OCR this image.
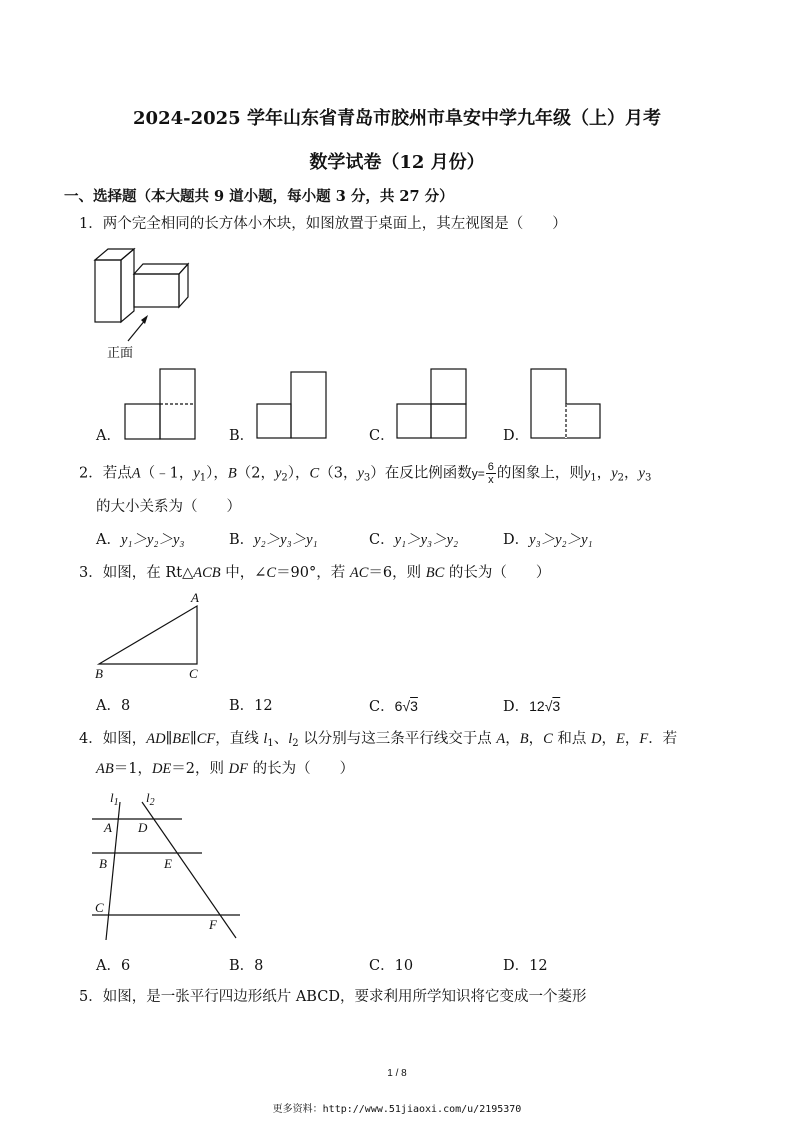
2024-2025 学年山东省青岛市胶州市阜安中学九年级（上）月考
数学试卷（12 月份）
一、选择题（本大题共 9 道小题，每小题 3 分，共 27 分）
1．两个完全相同的长方体小木块，如图放置于桌面上，其左视图是（　　）
正面
A．	B．	C．	D．
2．若点A（﹣1，$y_1$），B（2，$y_2$），C（3，$y_3$）在反比例函数$y= \frac{6}{x}$ 的图象上，则$y_1$，$y_2$，$y_3$
的大小关系为（　　）
A．y₁＞y₂＞y₃	B．y₂＞y₃＞y₁	C．y₁＞y₃＞y₂	D．y₃＞y₂＞y₁
3．如图，在 Rt△ACB 中，∠C＝90°，若 AC＝6，则 BC 的长为（　　）
A
B	C
A．8	B．12	C．6√3	D．12√3
4．如图，AD∥BE∥CF，直线 $l_1$、$l_2$ 以分别与这三条平行线交于点 A，B，C 和点 D，E，F．若
AB＝1，DE＝2，则 DF 的长为（　　）
$l_1$ $l_2$
A D
B	E
C
F
A．6	B．8	C．10	D．12
5．如图，是一张平行四边形纸片 ABCD，要求利用所学知识将它变成一个菱形
1 / 8
更多资料：http://www.51jiaoxi.com/u/2195370
